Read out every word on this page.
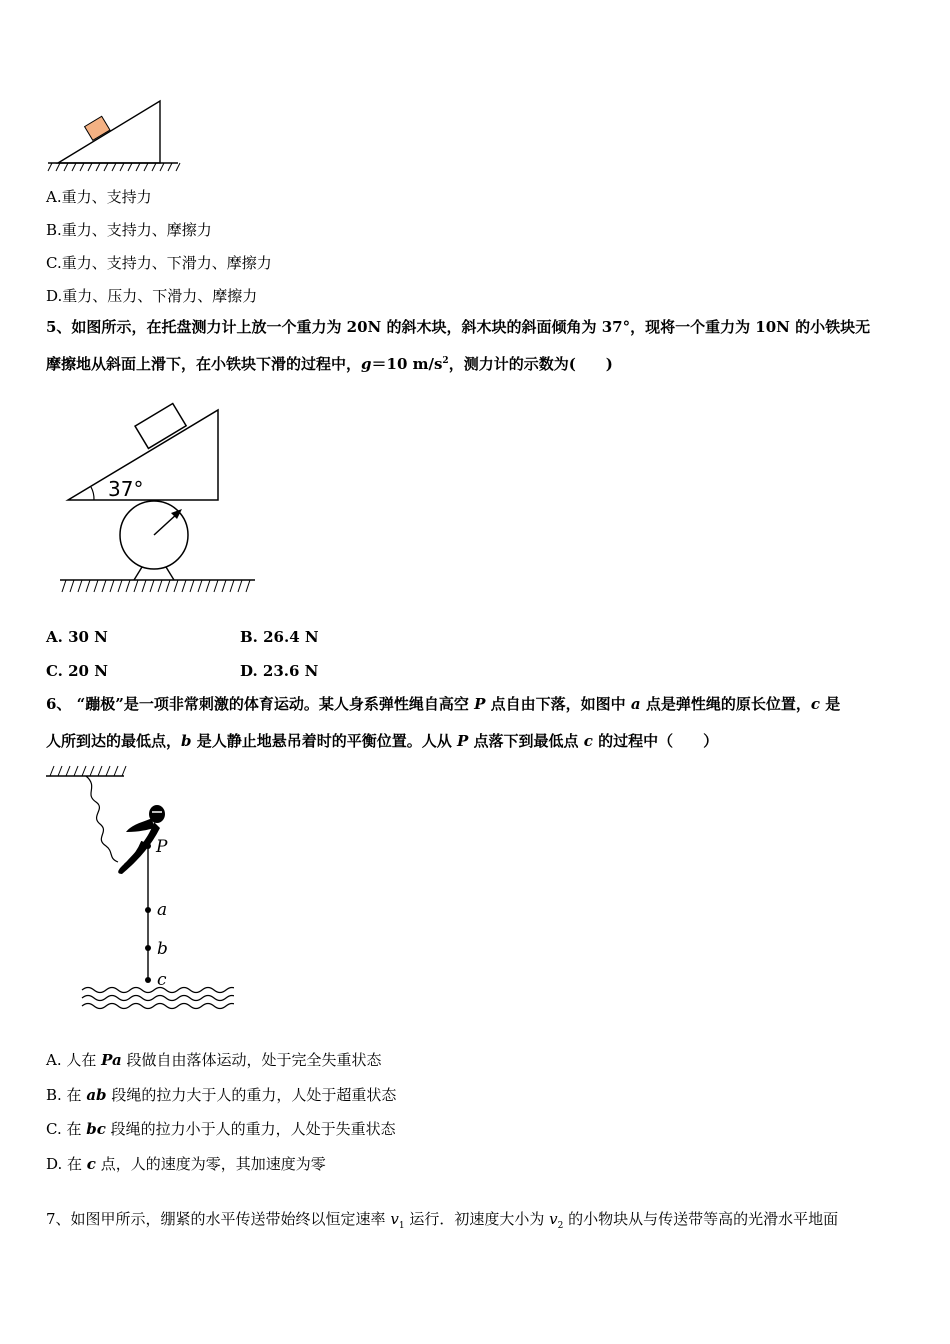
A.重力、支持力
B.重力、支持力、摩擦力
C.重力、支持力、下滑力、摩擦力
D.重力、压力、下滑力、摩擦力
5、如图所示，在托盘测力计上放一个重力为 20N 的斜木块，斜木块的斜面倾角为 37°，现将一个重力为 10N 的小铁块无
摩擦地从斜面上滑下，在小铁块下滑的过程中，g＝10 $m/s^2$，测力计的示数为(　　)
37°
A. 30 N	B. 26.4 N
C. 20 N	D. 23.6 N
6、 “蹦极”是一项非常刺激的体育运动。某人身系弹性绳自高空 P 点自由下落，如图中 a 点是弹性绳的原长位置，c 是
人所到达的最低点，b 是人静止地悬吊着时的平衡位置。人从 P 点落下到最低点 c 的过程中（　　）
P
a
b
c
A. 人在 Pa 段做自由落体运动，处于完全失重状态
B. 在 ab 段绳的拉力大于人的重力，人处于超重状态
C. 在 bc 段绳的拉力小于人的重力，人处于失重状态
D. 在 c 点，人的速度为零，其加速度为零
7、如图甲所示，绷紧的水平传送带始终以恒定速率 $v_1$ 运行．初速度大小为 $v_2$ 的小物块从与传送带等高的光滑水平地面
